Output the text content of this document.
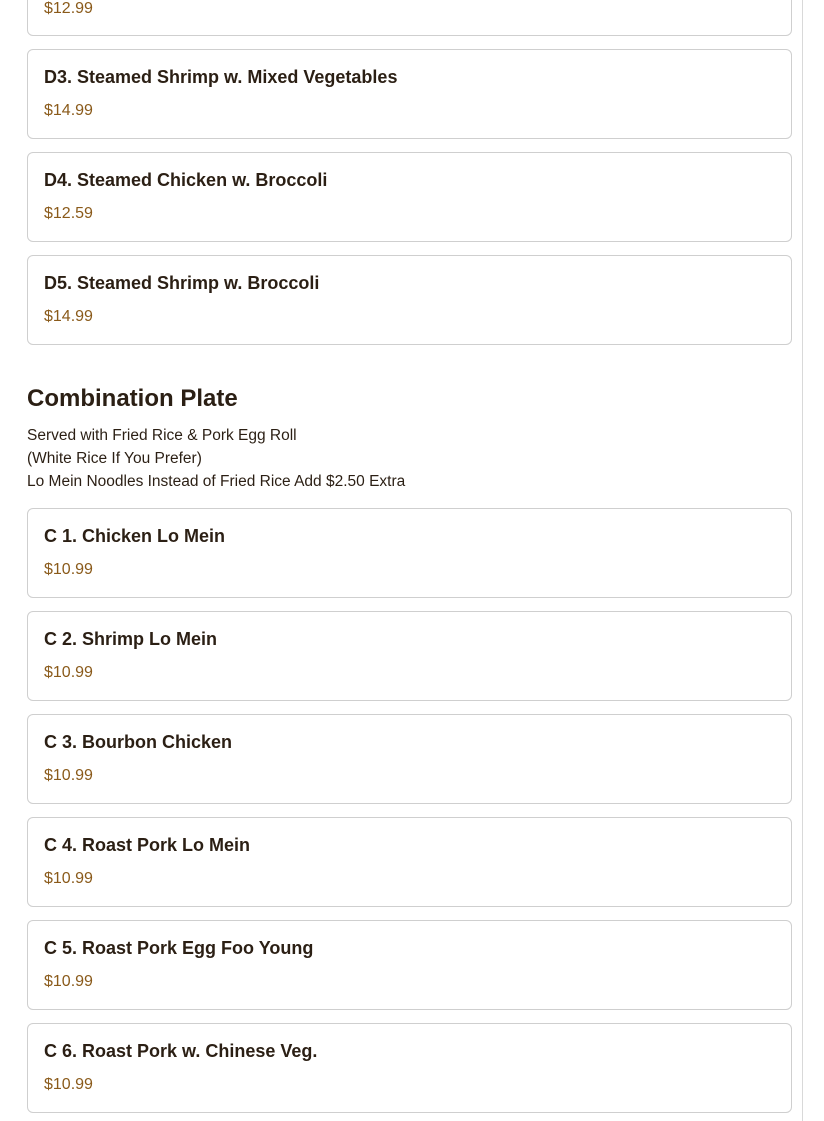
$12.99
D3. Steamed Shrimp w. Mixed Vegetables
$14.99
D4. Steamed Chicken w. Broccoli
$12.59
D5. Steamed Shrimp w. Broccoli
$14.99
Combination Plate
Served with Fried Rice & Pork Egg Roll
(White Rice If You Prefer)
Lo Mein Noodles Instead of Fried Rice Add $2.50 Extra
C 1. Chicken Lo Mein
$10.99
C 2. Shrimp Lo Mein
$10.99
C 3. Bourbon Chicken
$10.99
C 4. Roast Pork Lo Mein
$10.99
C 5. Roast Pork Egg Foo Young
$10.99
C 6. Roast Pork w. Chinese Veg.
$10.99
